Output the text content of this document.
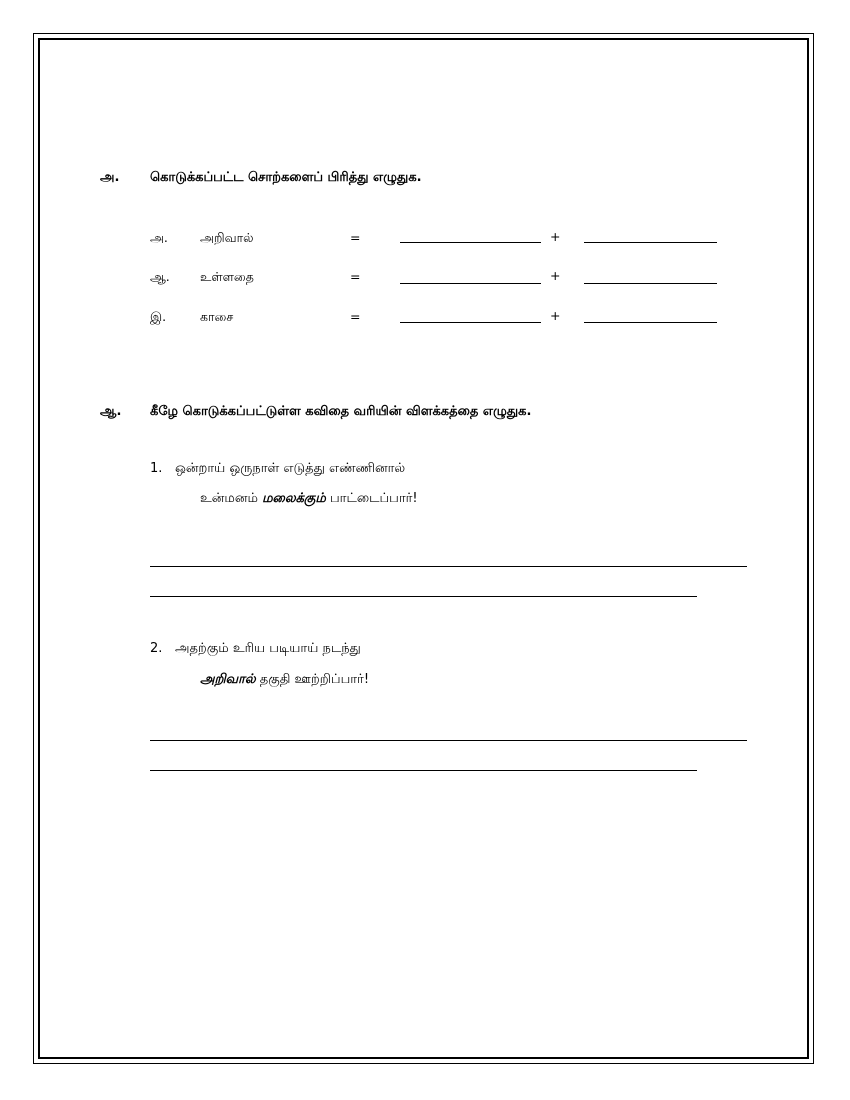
அ. கொடுக்கப்பட்ட சொற்களைப் பிரித்து எழுதுக.
அ.	அறிவால்	=	+
ஆ. உள்ளதை	=	+
இ.	காசை	=	+
ஆ. கீழே கொடுக்கப்பட்டுள்ள கவிதை வரியின் விளக்கத்தை எழுதுக.
1. ஒன்றாய் ஒருநாள் எடுத்து எண்ணினால்
உன்மனம் மலைக்கும் பாட்டைப்பார்!
2. அதற்கும் உரிய படியாய் நடந்து
அறிவால் தகுதி ஊற்றிப்பார்!
